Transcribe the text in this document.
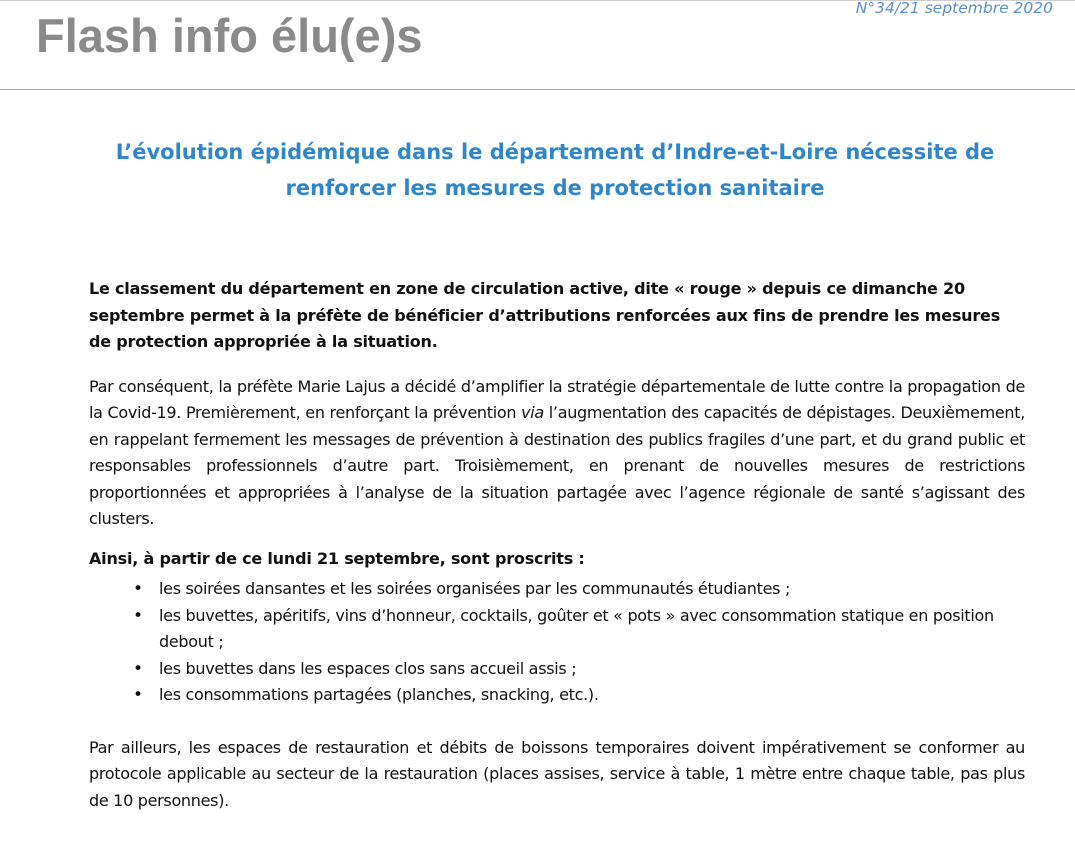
Flash info élu(e)s
N°34/21 septembre 2020
L’évolution épidémique dans le département d’Indre-et-Loire nécessite de renforcer les mesures de protection sanitaire

Le classement du département en zone de circulation active, dite « rouge » depuis ce dimanche 20 septembre permet à la préfète de bénéficier d’attributions renforcées aux fins de prendre les mesures de protection appropriée à la situation.

Par conséquent, la préfète Marie Lajus a décidé d’amplifier la stratégie départementale de lutte contre la propagation de la Covid-19. Premièrement, en renforçant la prévention via l’augmentation des capacités de dépistages. Deuxièmement, en rappelant fermement les messages de prévention à destination des publics fragiles d’une part, et du grand public et responsables professionnels d’autre part. Troisièmement, en prenant de nouvelles mesures de restrictions proportionnées et appropriées à l’analyse de la situation partagée avec l’agence régionale de santé s’agissant des clusters.

Ainsi, à partir de ce lundi 21 septembre, sont proscrits :

• les soirées dansantes et les soirées organisées par les communautés étudiantes ;
• les buvettes, apéritifs, vins d’honneur, cocktails, goûter et « pots » avec consommation statique en position debout ;
• les buvettes dans les espaces clos sans accueil assis ;
• les consommations partagées (planches, snacking, etc.).

Par ailleurs, les espaces de restauration et débits de boissons temporaires doivent impérativement se conformer au protocole applicable au secteur de la restauration (places assises, service à table, 1 mètre entre chaque table, pas plus de 10 personnes).
